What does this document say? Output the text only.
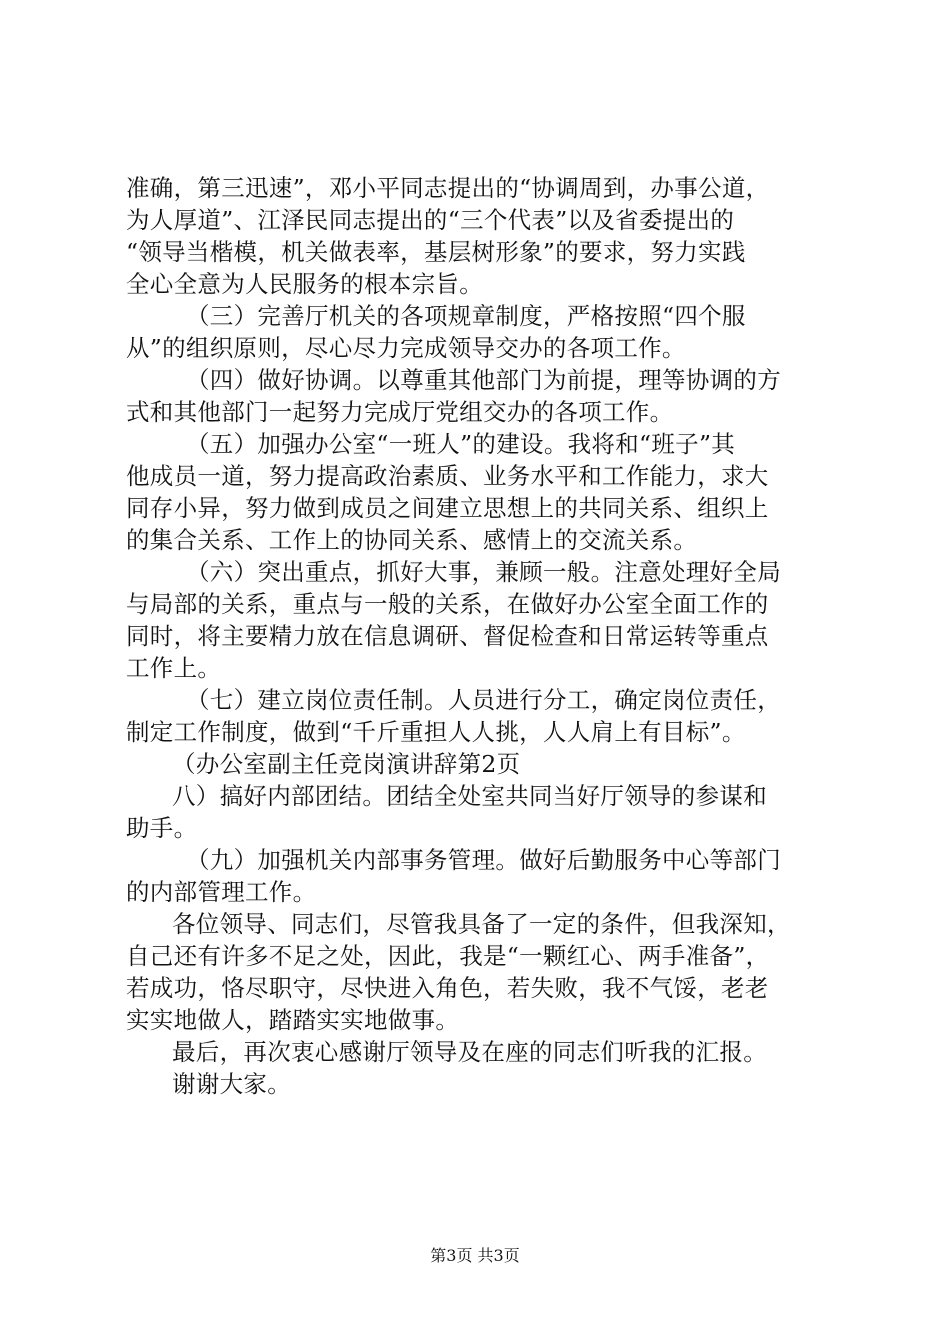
准确，第三迅速”，邓小平同志提出的“协调周到，办事公道，
为人厚道”、江泽民同志提出的“三个代表”以及省委提出的
“领导当楷模，机关做表率，基层树形象”的要求，努力实践
全心全意为人民服务的根本宗旨。
（三）完善厅机关的各项规章制度，严格按照“四个服
从”的组织原则，尽心尽力完成领导交办的各项工作。
（四）做好协调。以尊重其他部门为前提，理等协调的方
式和其他部门一起努力完成厅党组交办的各项工作。
（五）加强办公室“一班人”的建设。我将和“班子”其
他成员一道，努力提高政治素质、业务水平和工作能力，求大
同存小异，努力做到成员之间建立思想上的共同关系、组织上
的集合关系、工作上的协同关系、感情上的交流关系。
（六）突出重点，抓好大事，兼顾一般。注意处理好全局
与局部的关系，重点与一般的关系，在做好办公室全面工作的
同时，将主要精力放在信息调研、督促检查和日常运转等重点
工作上。
（七）建立岗位责任制。人员进行分工，确定岗位责任，
制定工作制度，做到“千斤重担人人挑，人人肩上有目标”。
（办公室副主任竞岗演讲辞第2页
八）搞好内部团结。团结全处室共同当好厅领导的参谋和
助手。
（九）加强机关内部事务管理。做好后勤服务中心等部门
的内部管理工作。
各位领导、同志们，尽管我具备了一定的条件，但我深知，
自己还有许多不足之处，因此，我是“一颗红心、两手准备”，
若成功，恪尽职守，尽快进入角色，若失败，我不气馁，老老
实实地做人，踏踏实实地做事。
最后，再次衷心感谢厅领导及在座的同志们听我的汇报。
谢谢大家。
第3页 共3页
